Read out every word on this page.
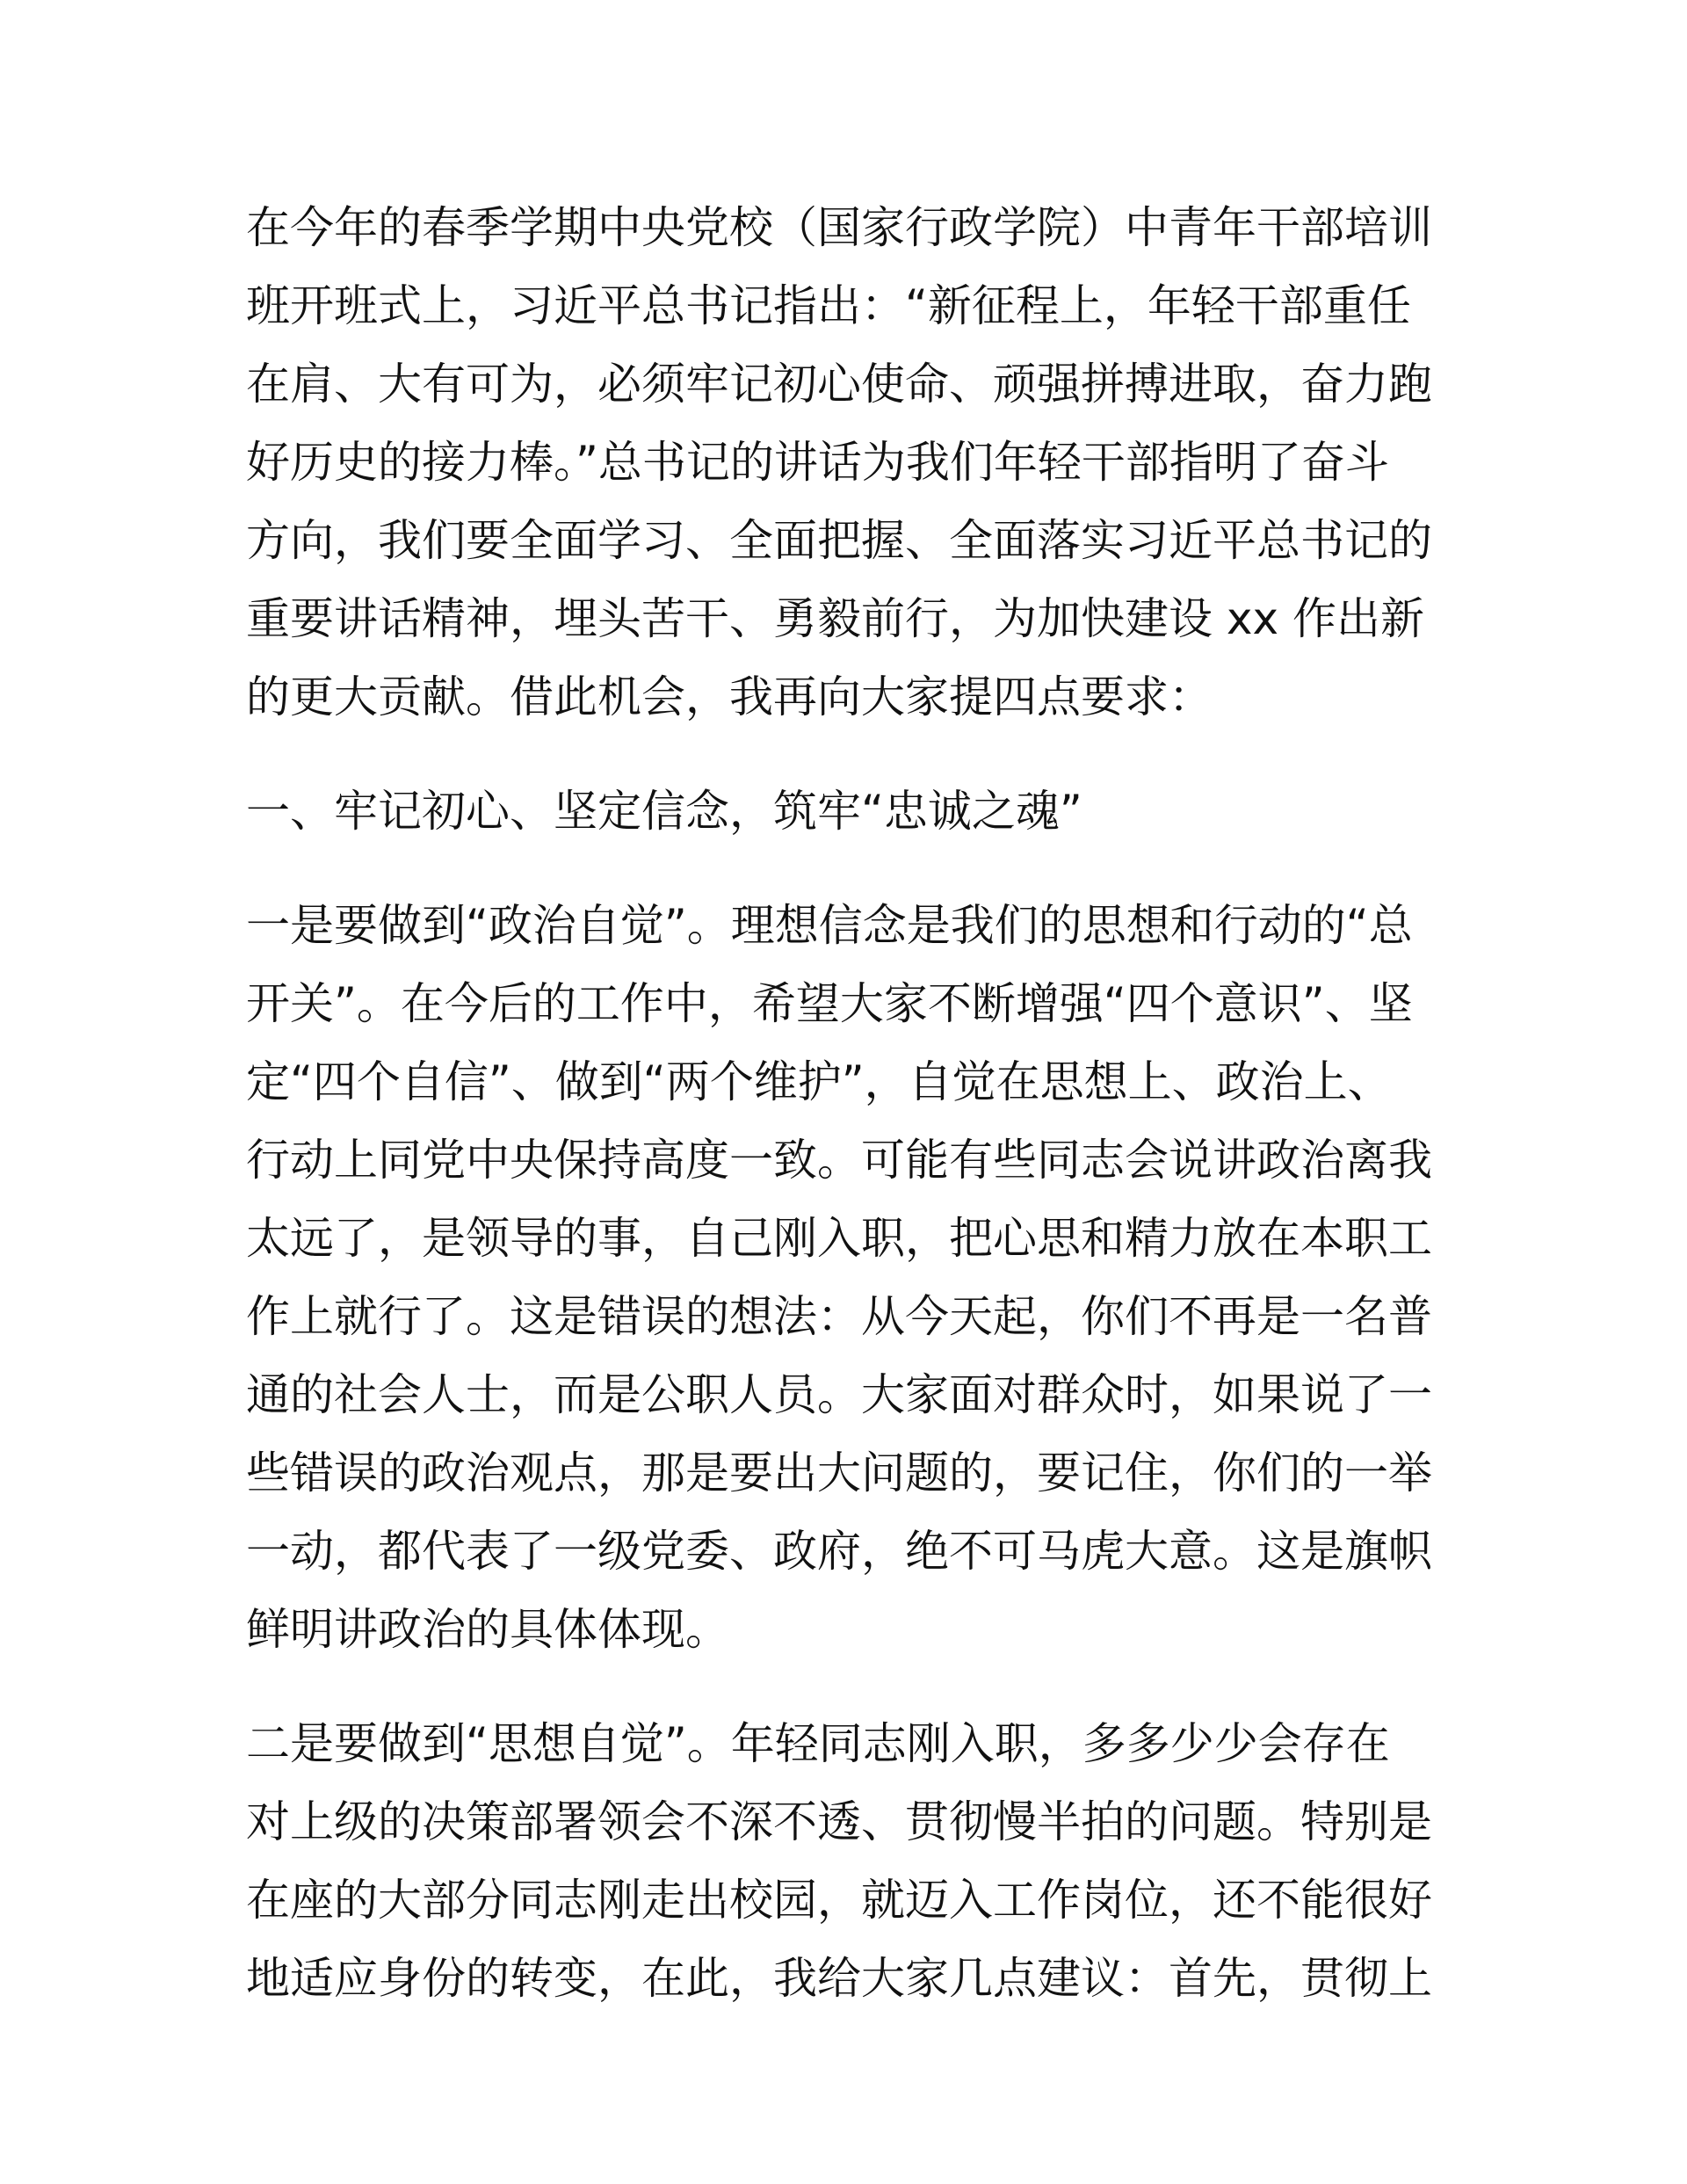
在今年的春季学期中央党校（国家行政学院）中青年干部培训
班开班式上，习近平总书记指出：“新征程上，年轻干部重任
在肩、大有可为，必须牢记初心使命、顽强拼搏进取，奋力跑
好历史的接力棒。”总书记的讲话为我们年轻干部指明了奋斗
方向，我们要全面学习、全面把握、全面落实习近平总书记的
重要讲话精神，埋头苦干、勇毅前行，为加快建设 xx 作出新
的更大贡献。借此机会，我再向大家提四点要求：

一、牢记初心、坚定信念，筑牢“忠诚之魂”

一是要做到“政治自觉”。理想信念是我们的思想和行动的“总
开关”。在今后的工作中，希望大家不断增强“四个意识”、坚
定“四个自信”、做到“两个维护”，自觉在思想上、政治上、
行动上同党中央保持高度一致。可能有些同志会说讲政治离我
太远了，是领导的事，自己刚入职，把心思和精力放在本职工
作上就行了。这是错误的想法：从今天起，你们不再是一名普
通的社会人士，而是公职人员。大家面对群众时，如果说了一
些错误的政治观点，那是要出大问题的，要记住，你们的一举
一动，都代表了一级党委、政府，绝不可马虎大意。这是旗帜
鲜明讲政治的具体体现。

二是要做到“思想自觉”。年轻同志刚入职，多多少少会存在
对上级的决策部署领会不深不透、贯彻慢半拍的问题。特别是
在座的大部分同志刚走出校园，就迈入工作岗位，还不能很好
地适应身份的转变，在此，我给大家几点建议：首先，贯彻上
